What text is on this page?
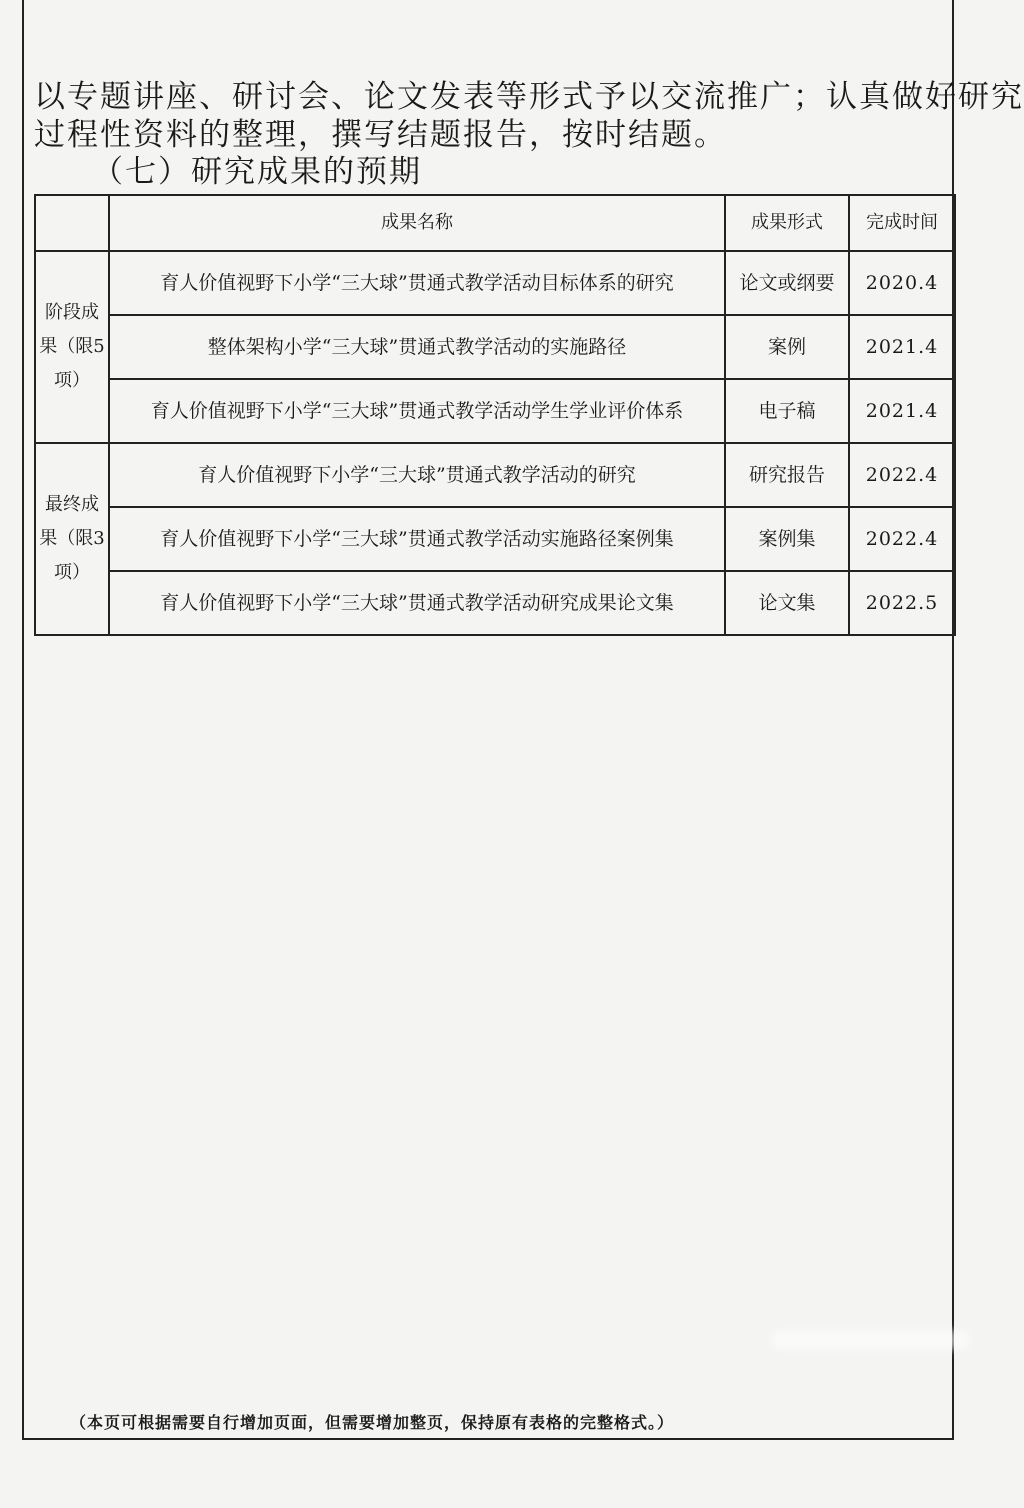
以专题讲座、研讨会、论文发表等形式予以交流推广；认真做好研究
过程性资料的整理，撰写结题报告，按时结题。
（七）研究成果的预期
	成果名称	成果形式	完成时间
阶段成果（限5项）	育人价值视野下小学“三大球”贯通式教学活动目标体系的研究	论文或纲要	2020.4
	整体架构小学“三大球”贯通式教学活动的实施路径	案例	2021.4
	育人价值视野下小学“三大球”贯通式教学活动学生学业评价体系	电子稿	2021.4
最终成果（限3项）	育人价值视野下小学“三大球”贯通式教学活动的研究	研究报告	2022.4
	育人价值视野下小学“三大球”贯通式教学活动实施路径案例集	案例集	2022.4
	育人价值视野下小学“三大球”贯通式教学活动研究成果论文集	论文集	2022.5
（本页可根据需要自行增加页面，但需要增加整页，保持原有表格的完整格式。）
